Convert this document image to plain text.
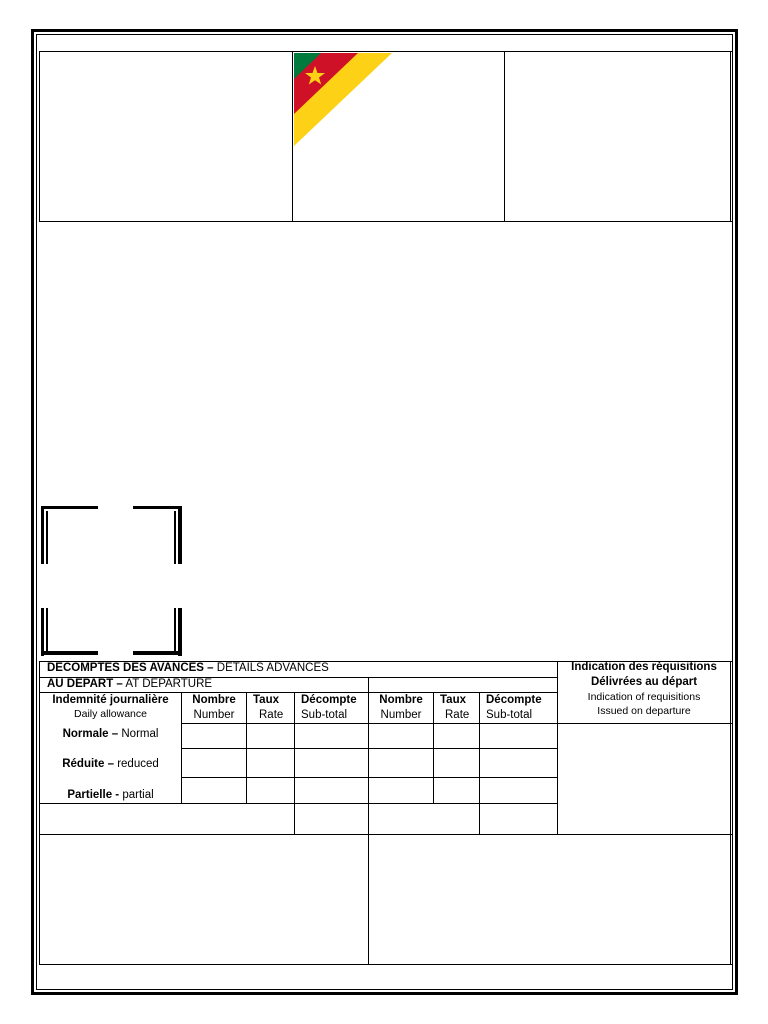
DECOMPTES DES AVANCES – DETAILS ADVANCES
AU DEPART – AT DEPARTURE
Indication des réquisitions
Délivrées au départ
Indication of requisitions
Issued on departure
Indemnité journalière
Daily allowance
Nombre
Number
Taux
Rate
Décompte
Sub-total
Nombre
Number
Taux
Rate
Décompte
Sub-total
Normale – Normal
Réduite – reduced
Partielle - partial
